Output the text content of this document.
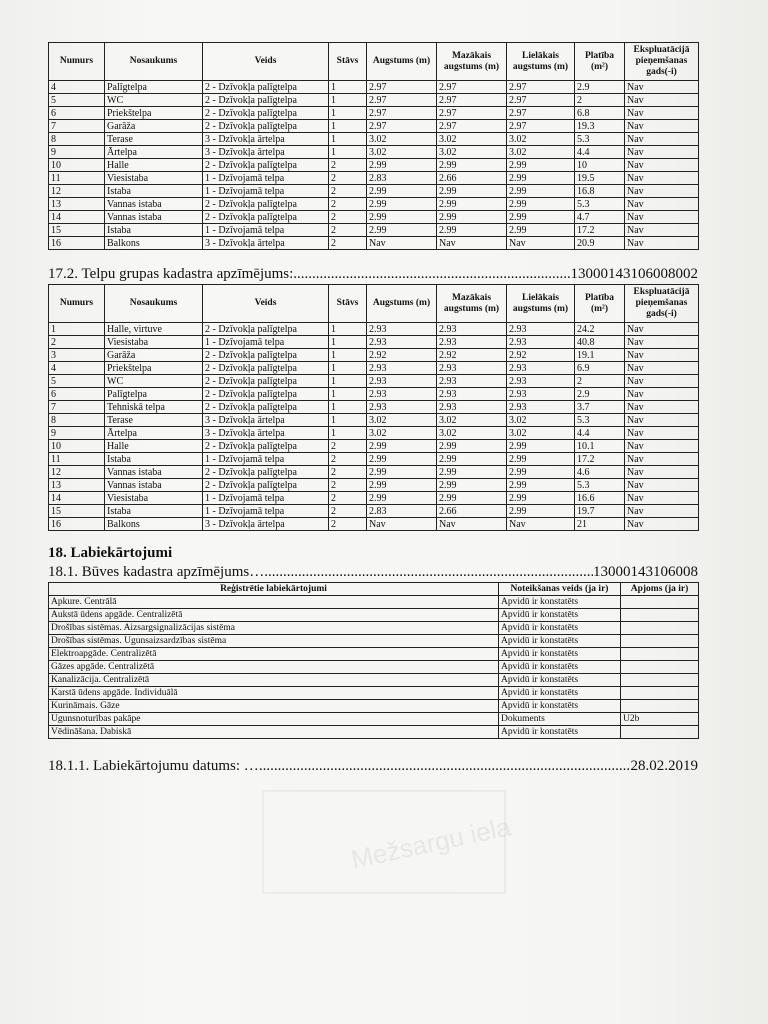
Numurs	Nosaukums	Veids	Stāvs	Augstums (m)	Mazākais augstums (m)	Lielākais augstums (m)	Platība (m²)	Ekspluatācijā pieņemšanas gads(-i)
4	Palīgtelpa	2 - Dzīvokļa palīgtelpa	1	2.97	2.97	2.97	2.9	Nav
5	WC	2 - Dzīvokļa palīgtelpa	1	2.97	2.97	2.97	2	Nav
6	Priekštelpa	2 - Dzīvokļa palīgtelpa	1	2.97	2.97	2.97	6.8	Nav
7	Garāža	2 - Dzīvokļa palīgtelpa	1	2.97	2.97	2.97	19.3	Nav
8	Terase	3 - Dzīvokļa ārtelpa	1	3.02	3.02	3.02	5.3	Nav
9	Ārtelpa	3 - Dzīvokļa ārtelpa	1	3.02	3.02	3.02	4.4	Nav
10	Halle	2 - Dzīvokļa palīgtelpa	2	2.99	2.99	2.99	10	Nav
11	Viesistaba	1 - Dzīvojamā telpa	2	2.83	2.66	2.99	19.5	Nav
12	Istaba	1 - Dzīvojamā telpa	2	2.99	2.99	2.99	16.8	Nav
13	Vannas istaba	2 - Dzīvokļa palīgtelpa	2	2.99	2.99	2.99	5.3	Nav
14	Vannas istaba	2 - Dzīvokļa palīgtelpa	2	2.99	2.99	2.99	4.7	Nav
15	Istaba	1 - Dzīvojamā telpa	2	2.99	2.99	2.99	17.2	Nav
16	Balkons	3 - Dzīvokļa ārtelpa	2	Nav	Nav	Nav	20.9	Nav
17.2. Telpu grupas kadastra apzīmējums: .....	13000143106008002
Numurs	Nosaukums	Veids	Stāvs	Augstums (m)	Mazākais augstums (m)	Lielākais augstums (m)	Platība (m²)	Ekspluatācijā pieņemšanas gads(-i)
1	Halle, virtuve	2 - Dzīvokļa palīgtelpa	1	2.93	2.93	2.93	24.2	Nav
2	Viesistaba	1 - Dzīvojamā telpa	1	2.93	2.93	2.93	40.8	Nav
3	Garāža	2 - Dzīvokļa palīgtelpa	1	2.92	2.92	2.92	19.1	Nav
4	Priekštelpa	2 - Dzīvokļa palīgtelpa	1	2.93	2.93	2.93	6.9	Nav
5	WC	2 - Dzīvokļa palīgtelpa	1	2.93	2.93	2.93	2	Nav
6	Palīgtelpa	2 - Dzīvokļa palīgtelpa	1	2.93	2.93	2.93	2.9	Nav
7	Tehniskā telpa	2 - Dzīvokļa palīgtelpa	1	2.93	2.93	2.93	3.7	Nav
8	Terase	3 - Dzīvokļa ārtelpa	1	3.02	3.02	3.02	5.3	Nav
9	Ārtelpa	3 - Dzīvokļa ārtelpa	1	3.02	3.02	3.02	4.4	Nav
10	Halle	2 - Dzīvokļa palīgtelpa	2	2.99	2.99	2.99	10.1	Nav
11	Istaba	1 - Dzīvojamā telpa	2	2.99	2.99	2.99	17.2	Nav
12	Vannas istaba	2 - Dzīvokļa palīgtelpa	2	2.99	2.99	2.99	4.6	Nav
13	Vannas istaba	2 - Dzīvokļa palīgtelpa	2	2.99	2.99	2.99	5.3	Nav
14	Viesistaba	1 - Dzīvojamā telpa	2	2.99	2.99	2.99	16.6	Nav
15	Istaba	1 - Dzīvojamā telpa	2	2.83	2.66	2.99	19.7	Nav
16	Balkons	3 - Dzīvokļa ārtelpa	2	Nav	Nav	Nav	21	Nav
18. Labiekārtojumi
18.1. Būves kadastra apzīmējums… .....	13000143106008
Reģistrētie labiekārtojumi	Noteikšanas veids (ja ir)	Apjoms (ja ir)
Apkure. Centrālā	Apvidū ir konstatēts	
Aukstā ūdens apgāde. Centralizētā	Apvidū ir konstatēts	
Drošības sistēmas. Aizsargsignalizācijas sistēma	Apvidū ir konstatēts	
Drošības sistēmas. Ugunsaizsardzības sistēma	Apvidū ir konstatēts	
Elektroapgāde. Centralizētā	Apvidū ir konstatēts	
Gāzes apgāde. Centralizētā	Apvidū ir konstatēts	
Kanalizācija. Centralizētā	Apvidū ir konstatēts	
Karstā ūdens apgāde. Individuālā	Apvidū ir konstatēts	
Kurināmais. Gāze	Apvidū ir konstatēts	
Ugunsnoturības pakāpe	Dokuments	U2b
Vēdināšana. Dabiskā	Apvidū ir konstatēts	
18.1.1. Labiekārtojumu datums: … .....	28.02.2019
Mežsargu iela
